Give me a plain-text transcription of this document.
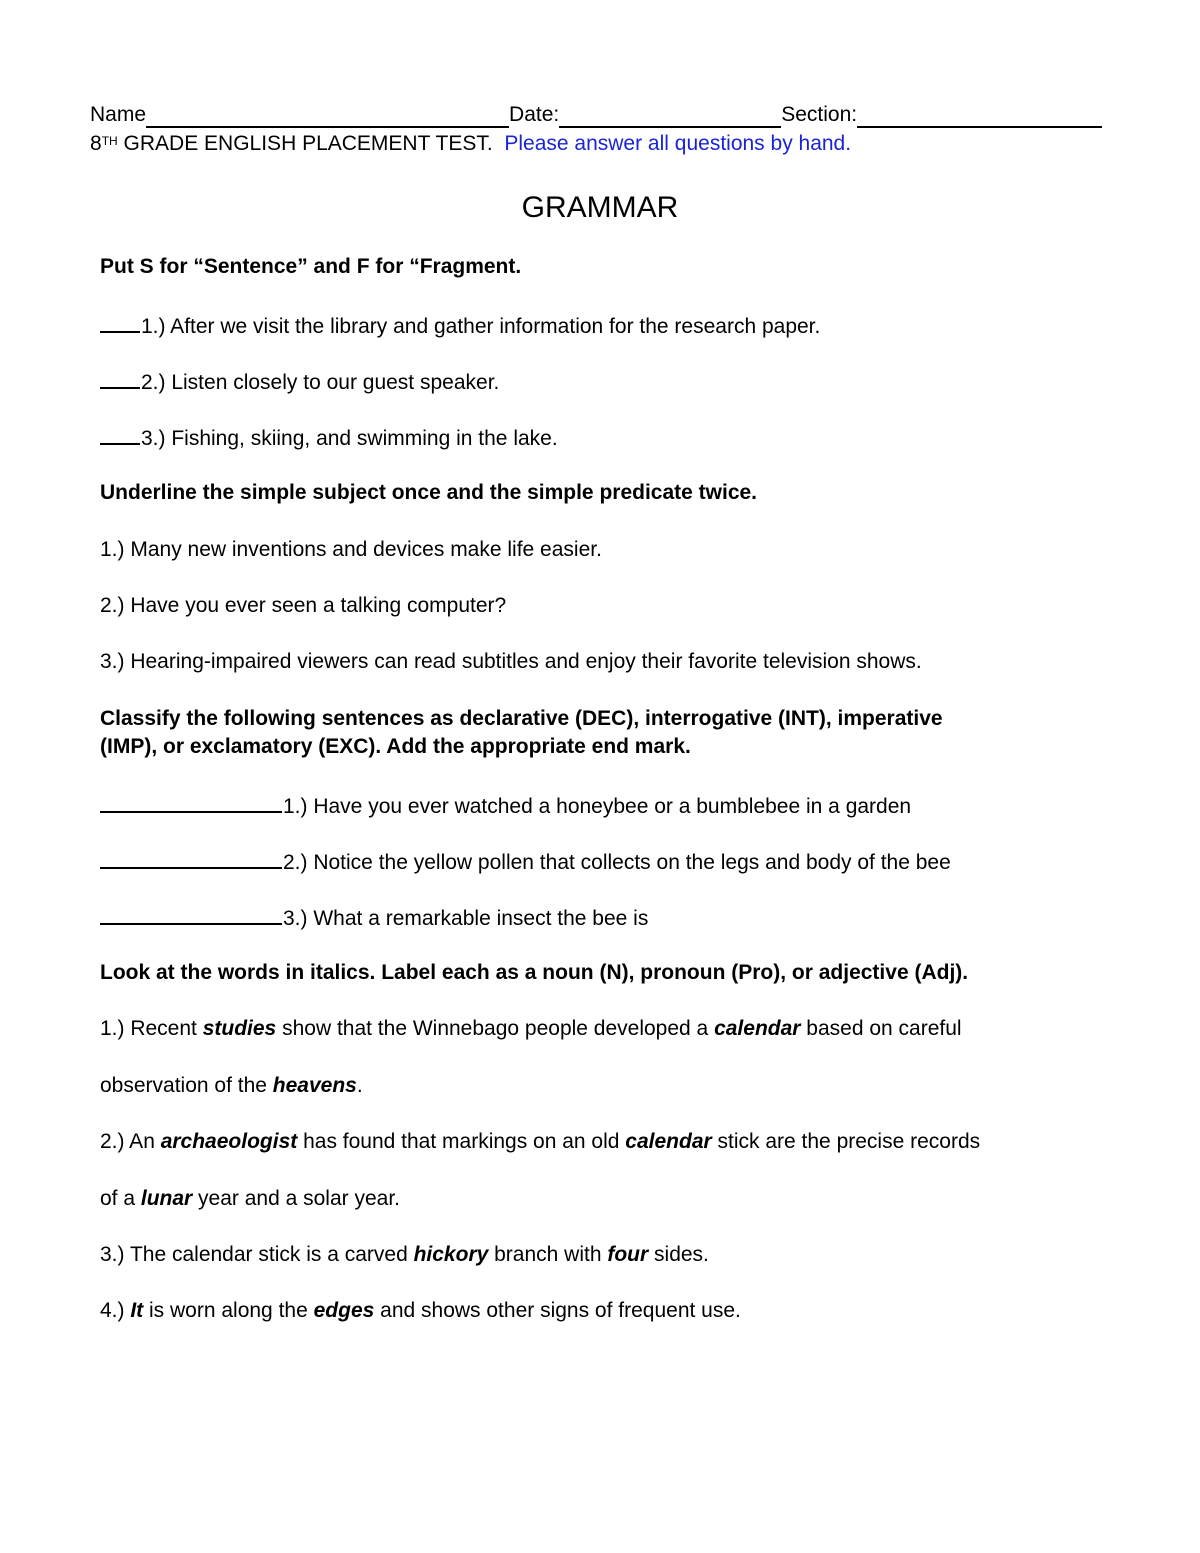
Name	Date:	Section:
8TH GRADE ENGLISH PLACEMENT TEST. Please answer all questions by hand.
GRAMMAR
Put S for “Sentence” and F for “Fragment.
1.) After we visit the library and gather information for the research paper.
2.) Listen closely to our guest speaker.
3.) Fishing, skiing, and swimming in the lake.
Underline the simple subject once and the simple predicate twice.
1.) Many new inventions and devices make life easier.
2.) Have you ever seen a talking computer?
3.) Hearing-impaired viewers can read subtitles and enjoy their favorite television shows.
Classify the following sentences as declarative (DEC), interrogative (INT), imperative
(IMP), or exclamatory (EXC). Add the appropriate end mark.
1.) Have you ever watched a honeybee or a bumblebee in a garden
2.) Notice the yellow pollen that collects on the legs and body of the bee
3.) What a remarkable insect the bee is
Look at the words in italics. Label each as a noun (N), pronoun (Pro), or adjective (Adj).
1.) Recent studies show that the Winnebago people developed a calendar based on careful
observation of the heavens.
2.) An archaeologist has found that markings on an old calendar stick are the precise records
of a lunar year and a solar year.
3.) The calendar stick is a carved hickory branch with four sides.
4.) It is worn along the edges and shows other signs of frequent use.
